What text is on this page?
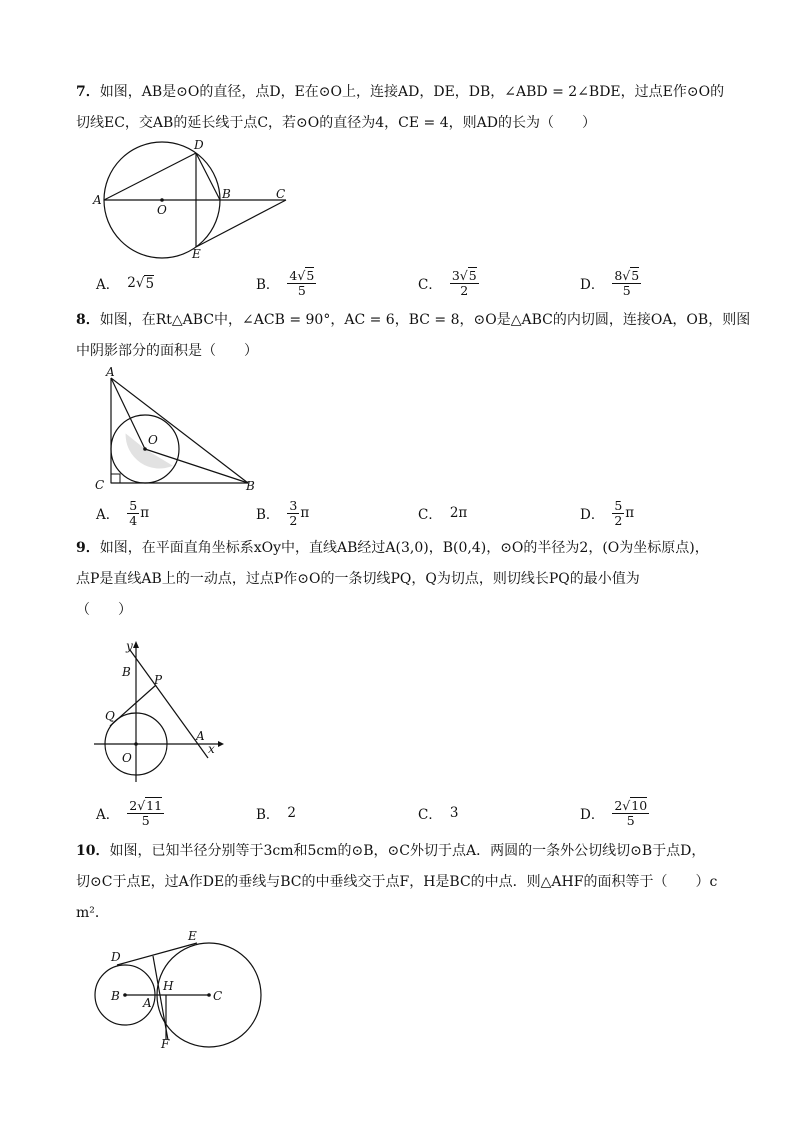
7．如图，AB是⊙O的直径，点D，E在⊙O上，连接AD，DE，DB，∠ABD = 2∠BDE，过点E作⊙O的
切线EC，交AB的延长线于点C，若⊙O的直径为4，CE = 4，则AD的长为（　　）
A
D
B	C
O
E
A． 2 √ 5	B． $\frac{4√5}{5}$	C． $\frac{3√5}{2}$	D． $\frac{8√5}{5}$
8．如图，在Rt△ABC中，∠ACB = 90°，AC = 6，BC = 8，⊙O是△ABC的内切圆，连接OA，OB，则图
中阴影部分的面积是（　　）
A
O
C	B
A． $\frac{5}{4}$ π	B． $\frac{3}{2}$ π	C． 2π	D． $\frac{5}{2}$ π
9．如图，在平面直角坐标系xOy中，直线AB经过A(3,0)，B(0,4)，⊙O的半径为2，(O为坐标原点)，
点P是直线AB上的一动点，过点P作⊙O的一条切线PQ，Q为切点，则切线长PQ的最小值为
（　　）
y
B
P
Q
A
x
O
A． $\frac{2√11}{5}$	B． 2	C． 3	D． $\frac{2√10}{5}$
10．如图，已知半径分别等于3cm和5cm的⊙B，⊙C外切于点A．两圆的一条外公切线切⊙B于点D，
切⊙C于点E，过A作DE的垂线与BC的中垂线交于点F，H是BC的中点．则△AHF的面积等于（　　）c
m²．
D
E
B A
H
C
F
